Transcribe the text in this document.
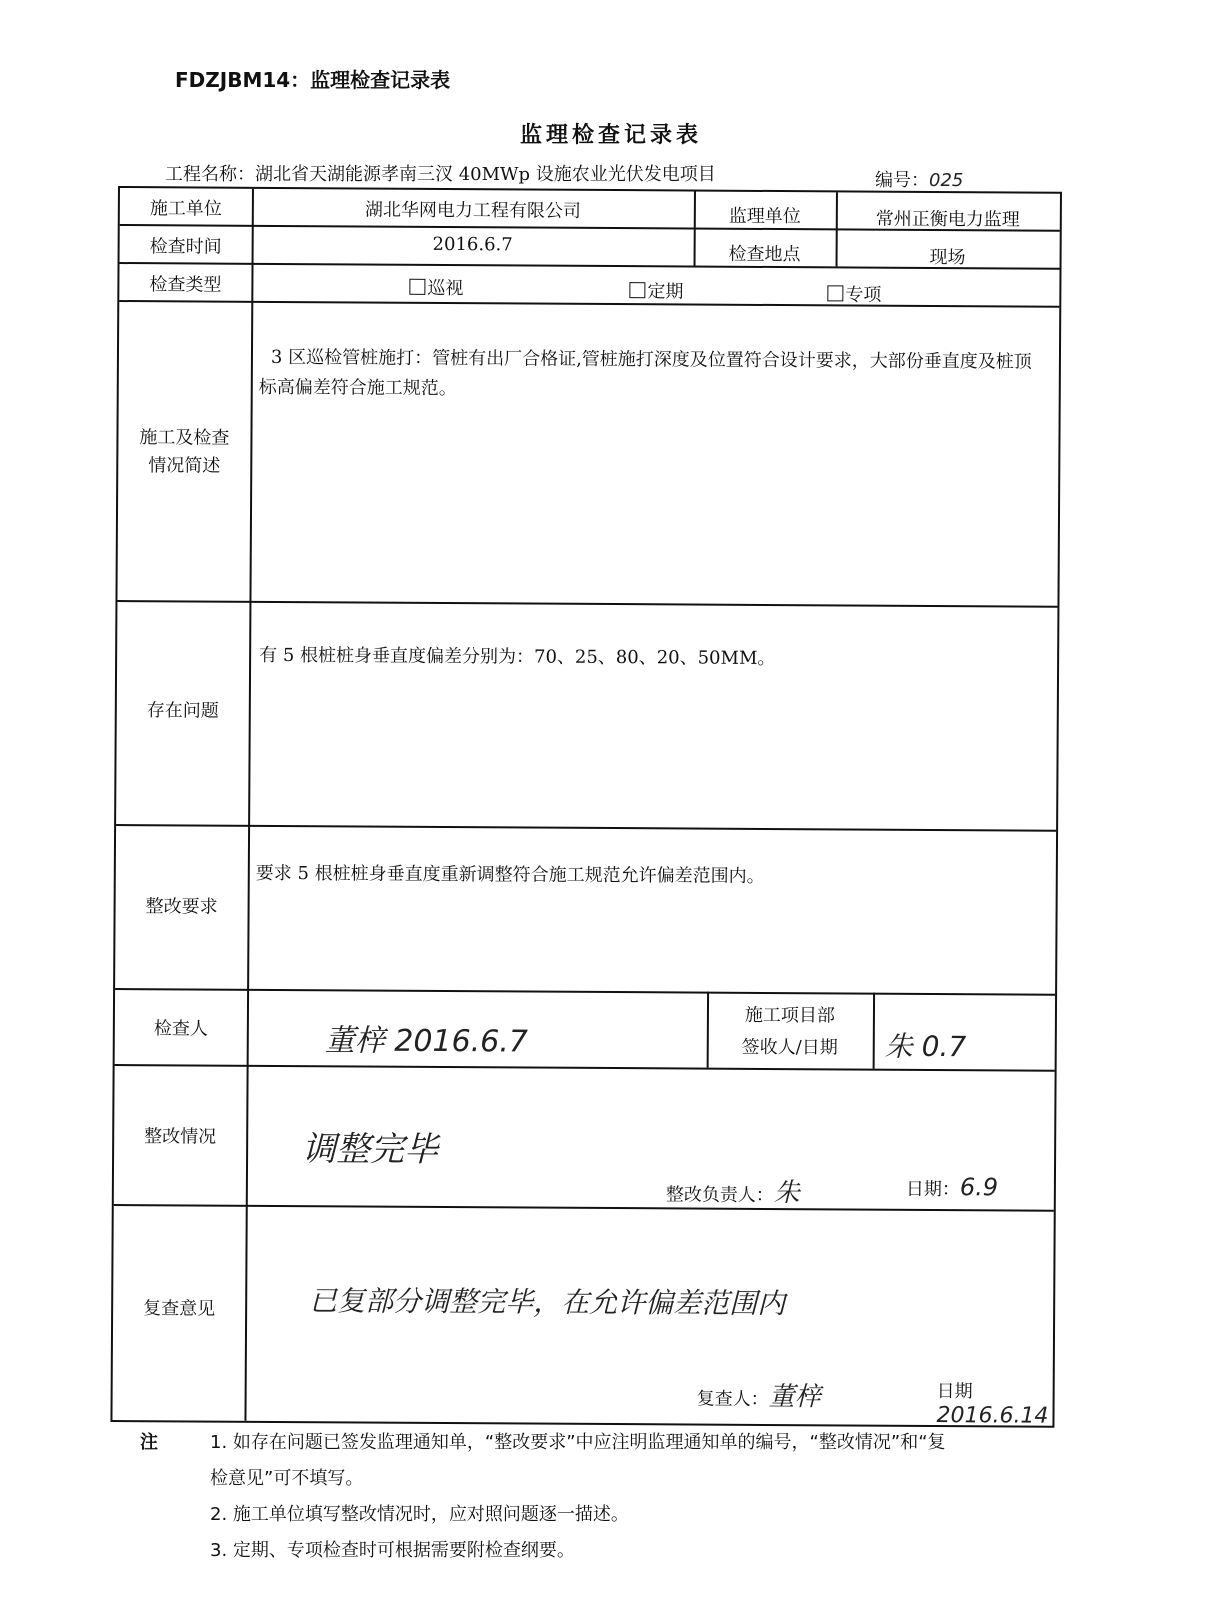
FDZJBM14：监理检查记录表
监理检查记录表
工程名称：湖北省天湖能源孝南三汊 40MWp 设施农业光伏发电项目	编号：025
施工单位	湖北华网电力工程有限公司	监理单位	常州正衡电力监理
检查时间	2016.6.7	检查地点	现场
检查类型	巡视	定期	专项
施工及检查
情况简述
3 区巡检管桩施打：管桩有出厂合格证,管桩施打深度及位置符合设计要求，大部份垂直度及桩顶标高偏差符合施工规范。
存在问题
有 5 根桩桩身垂直度偏差分别为：70、25、80、20、50MM。
整改要求
要求 5 根桩桩身垂直度重新调整符合施工规范允许偏差范围内。
检查人	董梓 2016.6.7
施工项目部
签收人/日期	朱 0.7
整改情况	调整完毕
整改负责人：朱	日期：6.9
复查意见	已复部分调整完毕，在允许偏差范围内
复查人：董梓	日期2016.6.14
注	1. 如存在问题已签发监理通知单，“整改要求”中应注明监理通知单的编号，“整改情况”和“复
检意见”可不填写。
2. 施工单位填写整改情况时，应对照问题逐一描述。
3. 定期、专项检查时可根据需要附检查纲要。
